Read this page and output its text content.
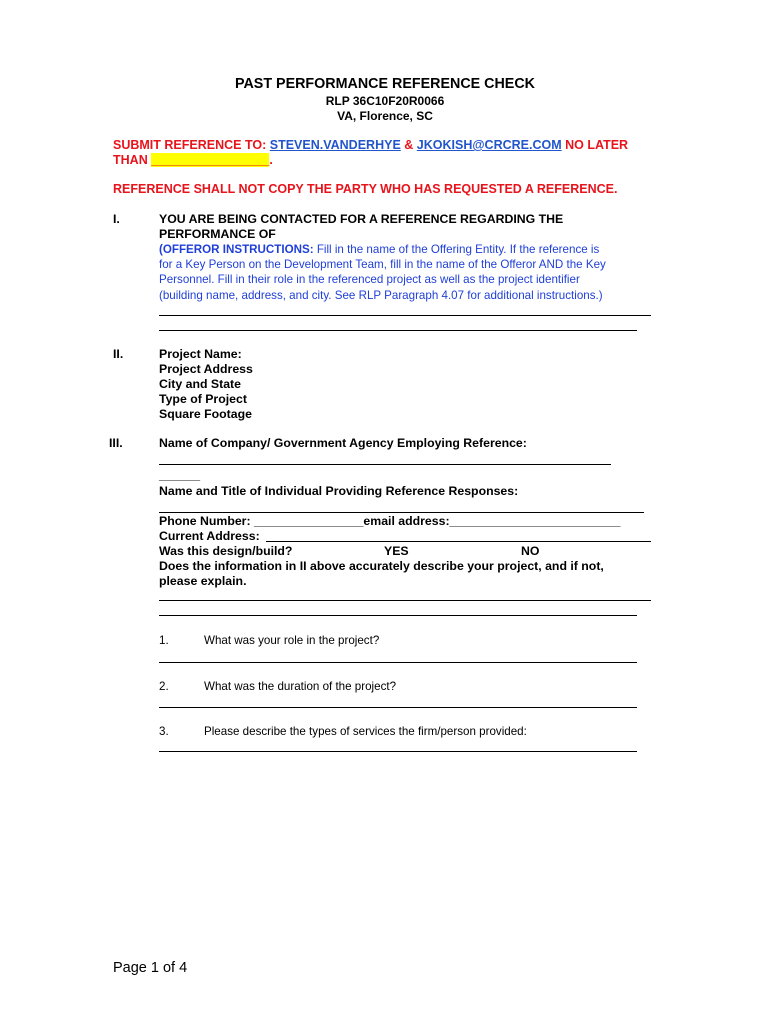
PAST PERFORMANCE REFERENCE CHECK
RLP 36C10F20R0066
VA, Florence, SC
SUBMIT REFERENCE TO: STEVEN.VANDERHYE & JKOKISH@CRCRE.COM NO LATER
THAN _________________.
REFERENCE SHALL NOT COPY THE PARTY WHO HAS REQUESTED A REFERENCE.
I.	YOU ARE BEING CONTACTED FOR A REFERENCE REGARDING THE
PERFORMANCE OF
(OFFEROR INSTRUCTIONS: Fill in the name of the Offering Entity. If the reference is
for a Key Person on the Development Team, fill in the name of the Offeror AND the Key
Personnel. Fill in their role in the referenced project as well as the project identifier
(building name, address, and city. See RLP Paragraph 4.07 for additional instructions.)
II.	Project Name:
Project Address
City and State
Type of Project
Square Footage
III.	Name of Company/ Government Agency Employing Reference:
______
Name and Title of Individual Providing Reference Responses:
Phone Number: ________________email address:_________________________
Current Address:
Was this design/build?	YES	NO
Does the information in II above accurately describe your project, and if not,
please explain.
1.	What was your role in the project?
2.	What was the duration of the project?
3.	Please describe the types of services the firm/person provided:
Page 1 of 4
